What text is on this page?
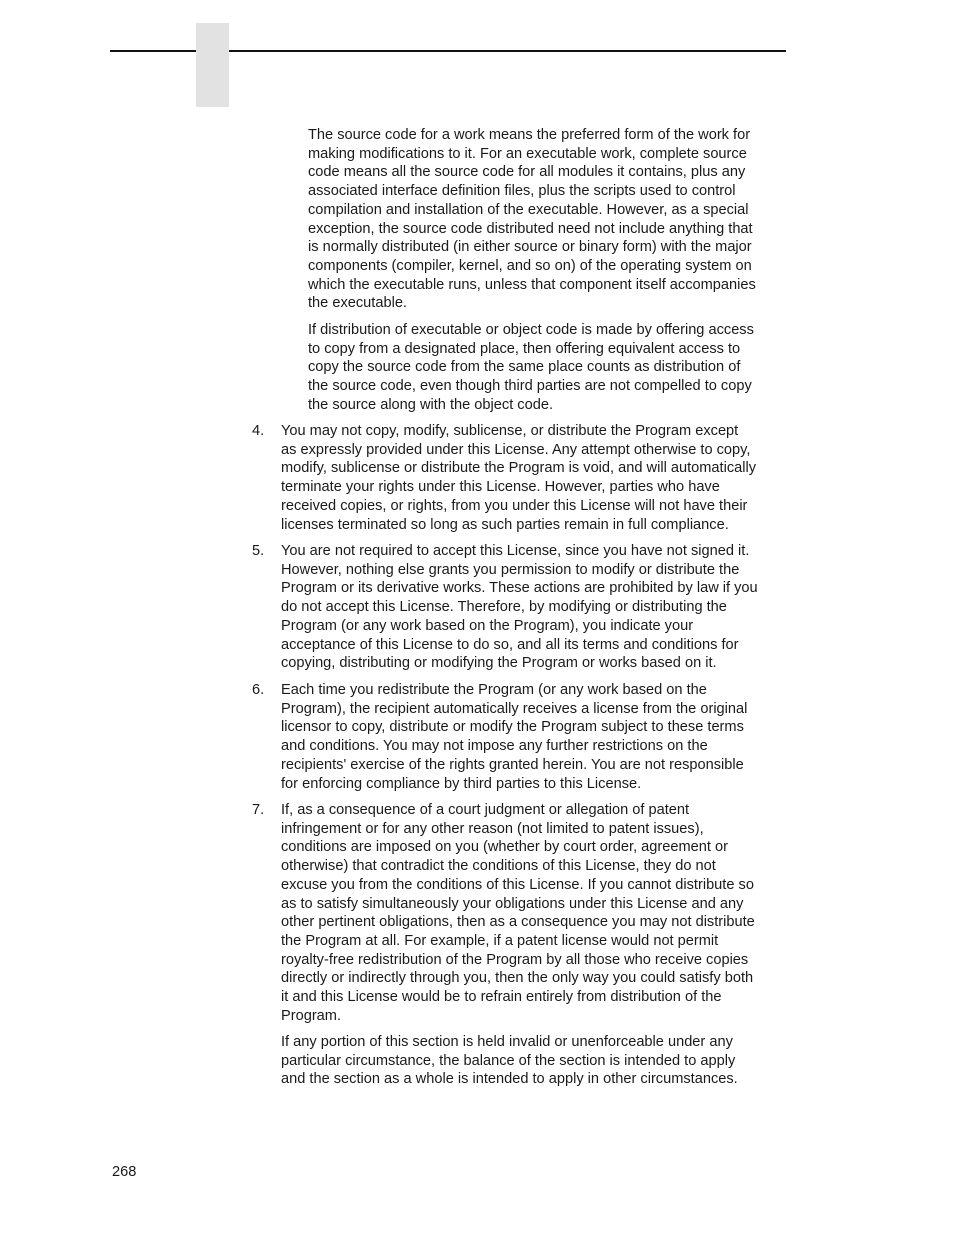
The source code for a work means the preferred form of the work for
making modifications to it. For an executable work, complete source
code means all the source code for all modules it contains, plus any
associated interface definition files, plus the scripts used to control
compilation and installation of the executable. However, as a special
exception, the source code distributed need not include anything that
is normally distributed (in either source or binary form) with the major
components (compiler, kernel, and so on) of the operating system on
which the executable runs, unless that component itself accompanies
the executable.

If distribution of executable or object code is made by offering access
to copy from a designated place, then offering equivalent access to
copy the source code from the same place counts as distribution of
the source code, even though third parties are not compelled to copy
the source along with the object code.

4. You may not copy, modify, sublicense, or distribute the Program except
as expressly provided under this License. Any attempt otherwise to copy,
modify, sublicense or distribute the Program is void, and will automatically
terminate your rights under this License. However, parties who have
received copies, or rights, from you under this License will not have their
licenses terminated so long as such parties remain in full compliance.

5. You are not required to accept this License, since you have not signed it.
However, nothing else grants you permission to modify or distribute the
Program or its derivative works. These actions are prohibited by law if you
do not accept this License. Therefore, by modifying or distributing the
Program (or any work based on the Program), you indicate your
acceptance of this License to do so, and all its terms and conditions for
copying, distributing or modifying the Program or works based on it.

6. Each time you redistribute the Program (or any work based on the
Program), the recipient automatically receives a license from the original
licensor to copy, distribute or modify the Program subject to these terms
and conditions. You may not impose any further restrictions on the
recipients' exercise of the rights granted herein. You are not responsible
for enforcing compliance by third parties to this License.

7. If, as a consequence of a court judgment or allegation of patent
infringement or for any other reason (not limited to patent issues),
conditions are imposed on you (whether by court order, agreement or
otherwise) that contradict the conditions of this License, they do not
excuse you from the conditions of this License. If you cannot distribute so
as to satisfy simultaneously your obligations under this License and any
other pertinent obligations, then as a consequence you may not distribute
the Program at all. For example, if a patent license would not permit
royalty-free redistribution of the Program by all those who receive copies
directly or indirectly through you, then the only way you could satisfy both
it and this License would be to refrain entirely from distribution of the
Program.

If any portion of this section is held invalid or unenforceable under any
particular circumstance, the balance of the section is intended to apply
and the section as a whole is intended to apply in other circumstances.

268
